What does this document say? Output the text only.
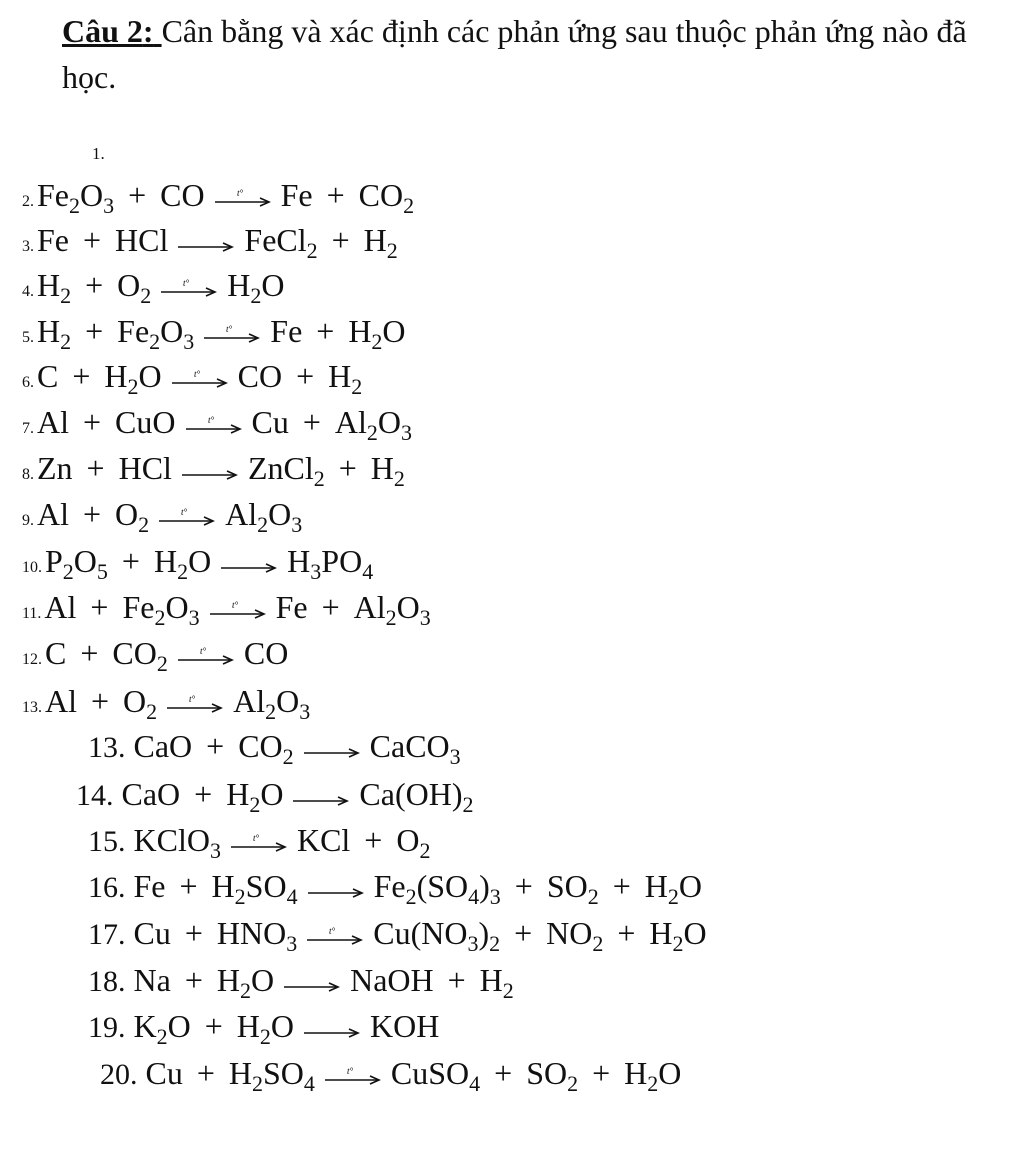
Câu 2: Cân bằng và xác định các phản ứng sau thuộc phản ứng nào đã học.
1.
$2.Fe_2O_3$ + CO	t° $Fe + CO_2$
3.Fe + HCl → FeCl$_2$ + $H_2$
$4.H_2 + O_2$	t° $H_2O$
$5.H_2 + Fe_2O_3$	t° $Fe + H_2O$
$6.C + H_2O$	t° CO + $H_2$
7.Al + CuO	t° $Cu + Al_2O_3$
8.Zn + HCl → ZnCl$_2$ + $H_2$
$9.Al + O_2$	t° $Al_2O_3$
$10.P_2O_5 + H_2O \to H_3PO_4$
$11.Al + Fe_2O_3$	t° $Fe + Al_2O_3$
$12.C + CO_2$	t° CO
$13.Al + O_2$	t° $Al_2O_3$
13. CaO + $CO_2$ → CaCO$_3$
14. CaO + $H_2O \to Ca(OH)_2$
15. KClO$_3$	t° KCl + $O_2$
16. $Fe + H_2SO_4 \to Fe_2(SO_4)_3 + SO_2 + H_2O$
17. $Cu + HNO_3$	t° $Cu(NO_3)_2 + NO_2 + H_2O$
18. $Na + H_2O$ → NaOH + $H_2$
19. $K_2O + H_2O$ → KOH
20. $Cu + H_2SO_4$	t° CuSO$_4$ + $SO_2 + H_2O$
